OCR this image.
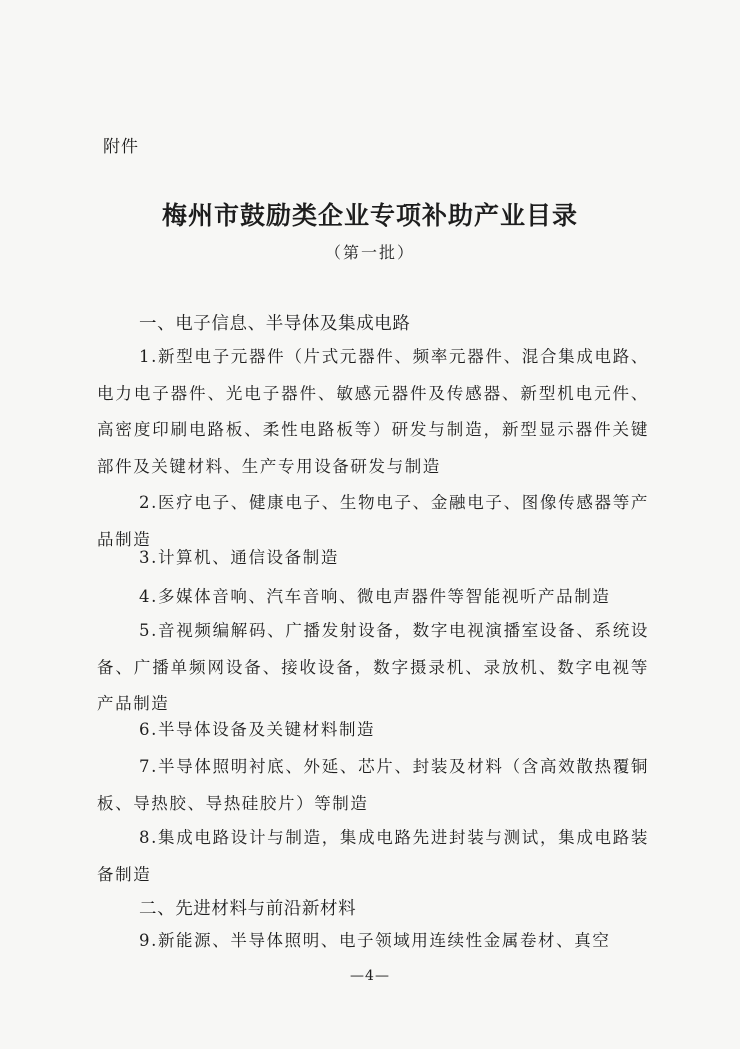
附件
梅州市鼓励类企业专项补助产业目录
（第一批）
一、电子信息、半导体及集成电路

1.新型电子元器件（片式元器件、频率元器件、混合集成电路、电力电子器件、光电子器件、敏感元器件及传感器、新型机电元件、高密度印刷电路板、柔性电路板等）研发与制造，新型显示器件关键部件及关键材料、生产专用设备研发与制造

2.医疗电子、健康电子、生物电子、金融电子、图像传感器等产品制造

3.计算机、通信设备制造

4.多媒体音响、汽车音响、微电声器件等智能视听产品制造

5.音视频编解码、广播发射设备，数字电视演播室设备、系统设备、广播单频网设备、接收设备，数字摄录机、录放机、数字电视等产品制造

6.半导体设备及关键材料制造

7.半导体照明衬底、外延、芯片、封装及材料（含高效散热覆铜板、导热胶、导热硅胶片）等制造

8.集成电路设计与制造，集成电路先进封装与测试，集成电路装备制造

二、先进材料与前沿新材料

9.新能源、半导体照明、电子领域用连续性金属卷材、真空

—4—
